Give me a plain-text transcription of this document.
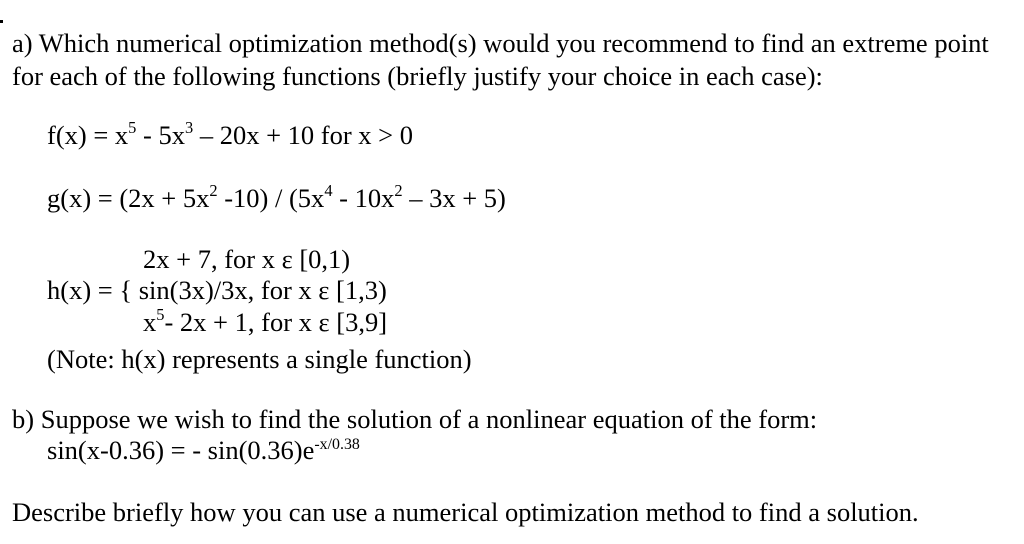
a) Which numerical optimization method(s) would you recommend to find an extreme point
for each of the following functions (briefly justify your choice in each case):
$f(x) = x^5 - 5x^3 - 20x + 10$ for x > 0
$g(x) = (2x + 5x^2$ $-10) / (5x^4 - 10x^2 - 3x + 5)$
2x + 7, for x ε [0,1)
h(x) = { sin(3x)/3x, for x ε [1,3)
$x^5-$ 2x + 1, for x ε [3,9]
(Note: h(x) represents a single function)
b) Suppose we wish to find the solution of a nonlinear equation of the form:
sin(x-0.36) = - $\sin(0.36)e^{-x/0.38}$
Describe briefly how you can use a numerical optimization method to find a solution.
